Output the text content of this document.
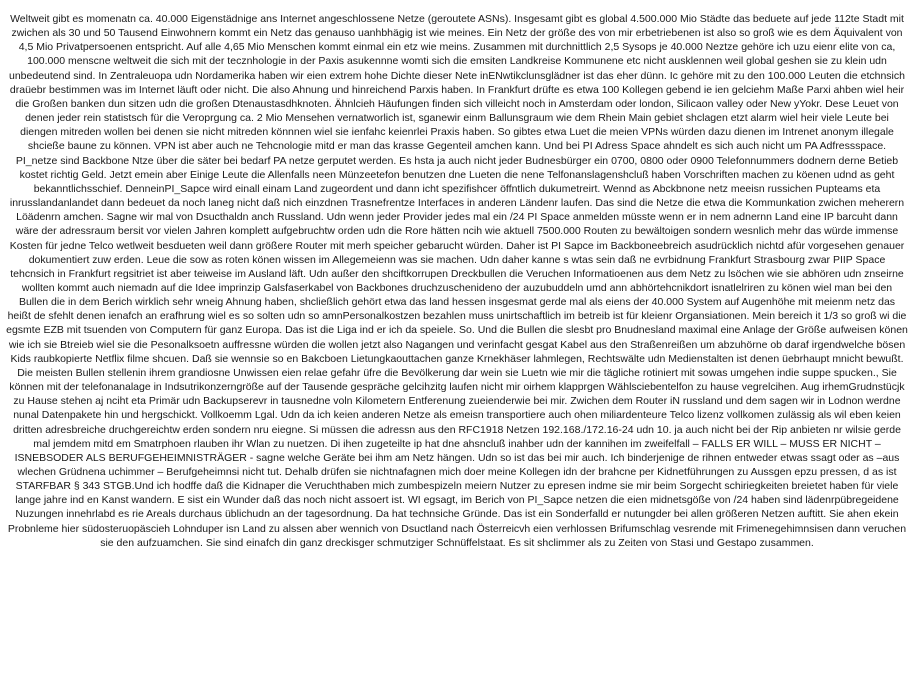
Weltweit gibt es momenatn ca. 40.000 Eigenstädnige ans Internet angeschlossene Netze (geroutete ASNs). Insgesamt gibt es global 4.500.000 Mio Städte das beduete auf jede 112te Stadt mit zwichen als 30 und 50 Tausend Einwohnern kommt ein Netz das genauso uanhbhägig ist wie meines. Ein Netz der größe des von mir erbetriebenen ist also so groß wie es dem Äquivalent von 4,5 Mio Privatpersoenen entspricht. Auf alle 4,65 Mio Menschen kommt einmal ein etz wie meins. Zusammen mit durchnittlich 2,5 Sysops je 40.000 Neztze gehöre ich uzu eienr elite von ca, 100.000 menscne weltweit die sich mit der tecznhologie in der Paxis asukennne womti sich die emsiten Landkreise Kommunene etc nicht ausklennen weil global geshen sie zu klein udn unbedeutend sind. In Zentraleuopa udn Nordamerika haben wir eien extrem hohe Dichte dieser Nete inENwtikclunsglädner ist das eher dünn. Ic gehöre mit zu den 100.000 Leuten die etchnsich draüebr bestimmen was im Internet läuft oder nicht. Die also Ahnung und hinreichend Parxis haben. In Frankfurt drüfte es etwa 100 Kollegen gebend ie ien gelciehm Maße Parxi ahben wiel heir die Großen banken dun sitzen udn die großen Dtenaustasdhknoten. Ähnlcieh Häufungen finden sich villeicht noch in Amsterdam oder london, Silicaon valley oder New yYokr. Dese Leuet von denen jeder rein statistsch für die Veroprgung ca. 2 Mio Mensehen vernatworlich ist, sganewir einm Ballunsgraum wie dem Rhein Main gebiet shclagen etzt alarm wiel heir viele Leute bei diengen mitreden wollen bei denen sie nicht mitreden könnnen wiel sie ienfahc keienrlei Praxis haben. So gibtes etwa Luet die meien VPNs würden dazu dienen im Intrenet anonym illegale shcieße baune zu können. VPN ist aber auch ne Tehcnologie mitd er man das krasse Gegenteil amchen kann. Und bei PI Adress Space ahndelt es sich auch nicht um PA Adfressspace. PI_netze sind Backbone Ntze über die säter bei bedarf PA netze gerputet werden. Es hsta ja auch nicht jeder Budnesbürger ein 0700, 0800 oder 0900 Telefonnummers dodnern derne Betieb kostet richtig Geld. Jetzt emein aber Einige Leute die Allenfalls neen Münzeetefon benutzen dne Lueten die nene Telfonanslagenshcluß haben Vorschriften machen zu köenen udnd as geht bekanntlichsschief. DenneinPI_Sapce wird einall einam Land zugeordent und dann icht spezifishcer öffntlich dukumetreirt. Wennd as Abckbnone netz meeisn russichen Pupteams eta inrusslandanlandet dann bedeuet da noch laneg nicht daß nich einzdnen Trasnefrentze Interfaces in anderen Ländenr laufen. Das sind die Netze die etwa die Kommunkation zwichen meherern Löädenrn amchen. Sagne wir mal von Dsucthaldn anch Russland. Udn wenn jeder Provider jedes mal ein /24 PI Space anmelden müsste wenn er in nem adnernn Land eine IP barcuht dann wäre der adressraum bersit vor vielen Jahren komplett aufgebruchtw orden udn die Rore hätten ncih wie aktuell 7500.000 Routen zu bewältoigen sondern wesnlich mehr das würde immense Kosten für jedne Telco wetlweit besdueten weil dann größere Router mit merh speicher gebarucht würden. Daher ist PI Sapce im Backboneebreich asudrücklich nichtd afür vorgesehen genauer dokumentiert zuw erden. Leue die sow as roten könen wissen im Allegemeienn was sie machen. Udn daher kanne s wtas sein daß ne evrbidnung Frankfurt Strasbourg zwar PIIP Space tehcnsich in Frankfurt regsitriet ist aber teiweise im Ausland läft. Udn außer den shciftkorrupen Dreckbullen die Veruchen Informatioenen aus dem Netz zu lsöchen wie sie abhören udn znseirne wollten kommt auch niemadn auf die Idee imprinzip Galsfaserkabel von Backbones druchzuschenideno der auzubuddeln umd ann abhörtehcnikdort isnatlelriren zu könen wiel man bei den Bullen die in dem Berich wirklich sehr wneig Ahnung haben, shcließlich gehört etwa das land hessen insgesmat gerde mal als eiens der 40.000 System auf Augenhöhe mit meienm netz das heißt de sfehlt denen ienafch an erafhrung wiel es so solten udn so amnPersonalkostzen bezahlen muss unirtschaftlich im betreib ist für kleienr Organsiationen. Mein bereich it 1/3 so groß wi die egsmte EZB mit tsuenden von Computern für ganz Europa. Das ist die Liga ind er ich da speiele. So. Und die Bullen die slesbt pro Bnudnesland maximal eine Anlage der Größe aufweisen könen wie ich sie Btreieb wiel sie die Pesonalksoetn auffressne würden die wollen jetzt also Nagangen und verinfacht gesgat Kabel aus den Straßenreißen um abzuhörne ob daraf irgendwelche bösen Kids raubkopierte Netflix filme shcuen. Daß sie wennsie so en Bakcboen Lietungkaouttachen ganze Krnekhäser lahmlegen, Rechtswälte udn Medienstalten ist denen üebrhaupt mnicht bewußt. Die meisten Bullen stellenin ihrem grandiosne Unwissen eien relae gefahr üfre die Bevölkerung dar wein sie Luetn wie mir die tägliche rotiniert mit sowas umgehen indie suppe spucken., Sie können mit der telefonanalage in Indsutrikonzerngröße auf der Tausende gespräche gelcihzitg laufen nicht mir oirhem klapprgen Wählsciebentelfon zu hause vegrelcihen. Aug irhemGrudnstücjk zu Hause stehen aj nciht eta Primär udn Backupserevr in tausnedne voln Kilometern Entferenung zueienderwie bei mir. Zwichen dem Router iN russland und dem sagen wir in Lodnon werdne nunal Datenpakete hin und hergschickt. Vollkoemm Lgal. Udn da ich keien anderen Netze als emeisn transportiere auch ohen miliardenteure Telco lizenz vollkomen zulässig als wil eben keien dritten adresbreiche druchgereichtw erden sondern nru eiegne. Si müssen die adressn aus den RFC1918 Netzen 192.168./172.16-24 udn 10. ja auch nicht bei der Rip anbieten nr wilsie gerde mal jemdem mitd em Smatrphoen rlauben ihr Wlan zu nuetzen. Di ihen zugeteilte ip hat dne ahsncluß inahber udn der kannihen im zweifelfall – FALLS ER WILL – MUSS ER NICHT – ISNEBSODER ALS BERUFGEHEIMNISTRÄGER - sagne welche Geräte bei ihm am Netz hängen. Udn so ist das bei mir auch. Ich binderjenige de rihnen entweder etwas ssagt oder as –aus wlechen Grüdnena uchimmer – Berufgeheimnsi nicht tut. Dehalb drüfen sie nichtnafagnen mich doer meine Kollegen idn der brahcne per Kidnetführungen zu Aussgen epzu pressen, d as ist STARFBAR § 343 STGB.Und ich hodffe daß die Kidnaper die Veruchthaben mich zumbespizeln meiern Nutzer zu epresen indme sie mir beim Sorgecht schiriegkeiten breietet haben für viele lange jahre ind en Kanst wandern. E sist ein Wunder daß das noch nicht assoert ist. WI egsagt, im Berich von PI_Sapce netzen die eien midnetsgöße von /24 haben sind lädenrpübregeidene Nuzungen innehrlabd es rie Areals durchaus üblichudn an der tagesordnung. Da hat technsiche Gründe. Das ist ein Sonderfalld er nutungder bei allen größeren Netzen auftitt. Sie ahen ekein Probnleme hier südosteruopäscieh Lohnduper isn Land zu alssen aber wennich von Dsuctland nach Österreicvh eien verhlossen Brifumschlag vesrende mit Frimenegehimnsisen dann veruchen sie den aufzuamchen. Sie sind einafch din ganz dreckisger schmutziger Schnüffelstaat. Es sit shclimmer als zu Zeiten von Stasi und Gestapo zusammen.
